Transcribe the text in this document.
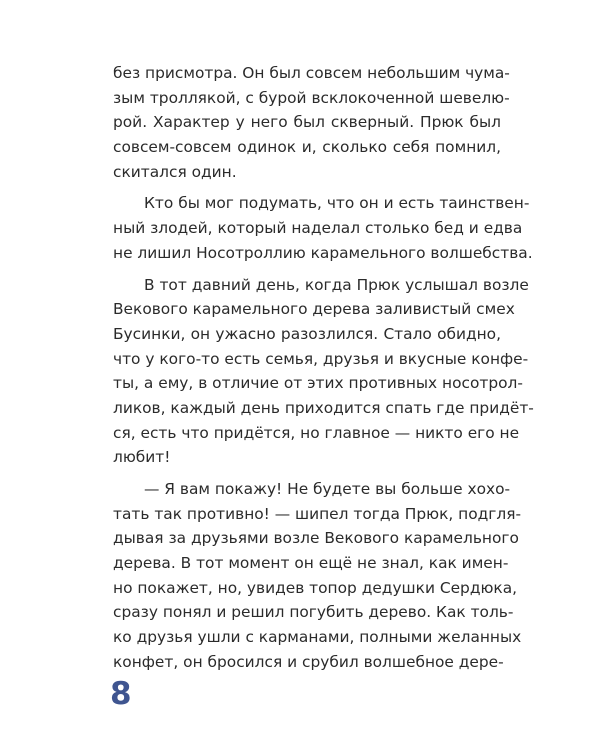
без присмотра. Он был совсем небольшим чума-
зым троллякой, с бурой всклокоченной шевелю-
рой. Характер у него был скверный. Прюк был
совсем-совсем одинок и, сколько себя помнил,
скитался один.
Кто бы мог подумать, что он и есть таинствен-
ный злодей, который наделал столько бед и едва
не лишил Носотроллию карамельного волшебства.
В тот давний день, когда Прюк услышал возле
Векового карамельного дерева заливистый смех
Бусинки, он ужасно разозлился. Стало обидно,
что у кого-то есть семья, друзья и вкусные конфе-
ты, а ему, в отличие от этих противных носотрол-
ликов, каждый день приходится спать где придёт-
ся, есть что придётся, но главное — никто его не
любит!
— Я вам покажу! Не будете вы больше хохо-
тать так противно! — шипел тогда Прюк, подгля-
дывая за друзьями возле Векового карамельного
дерева. В тот момент он ещё не знал, как имен-
но покажет, но, увидев топор дедушки Сердюка,
сразу понял и решил погубить дерево. Как толь-
ко друзья ушли с карманами, полными желанных
конфет, он бросился и срубил волшебное дере-
8
